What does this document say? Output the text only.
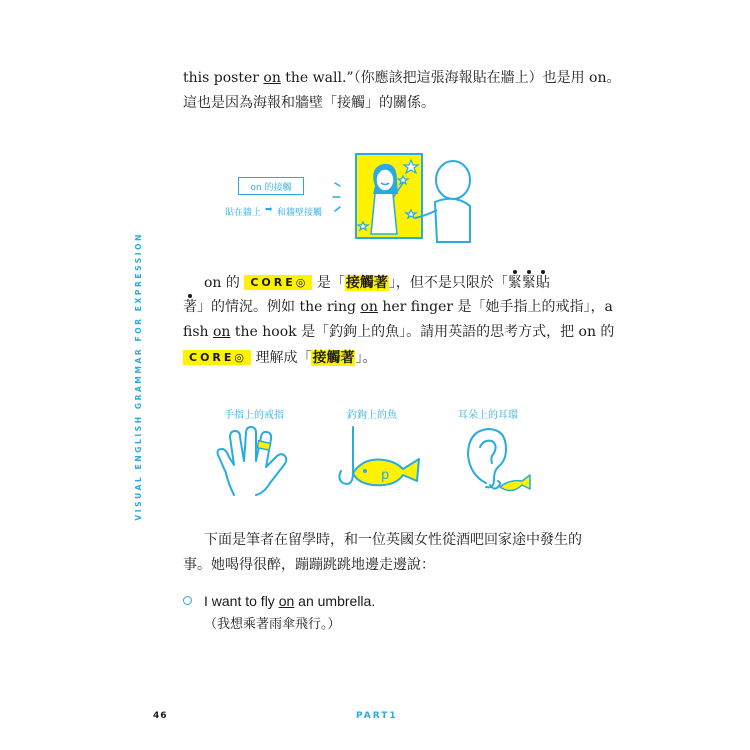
VISUAL ENGLISH GRAMMAR FOR EXPRESSION
this poster on the wall.”（你應該把這張海報貼在牆上）也是用 on。
這也是因為海報和牆壁「接觸」的關係。
on 的接觸
貼在牆上 ➡ 和牆壁接觸
on 的 CORE◎ 是「接觸著」，但不是只限於「緊緊貼
著」的情況。例如 the ring on her finger 是「她手指上的戒指」，a
fish on the hook 是「釣鉤上的魚」。請用英語的思考方式，把 on 的
CORE◎ 理解成「接觸著」。
手指上的戒指	釣鉤上的魚	耳朵上的耳環
p
下面是筆者在留學時，和一位英國女性從酒吧回家途中發生的
事。她喝得很醉，蹦蹦跳跳地邊走邊說：
I want to fly on an umbrella.
（我想乘著雨傘飛行。）
46	PART1
